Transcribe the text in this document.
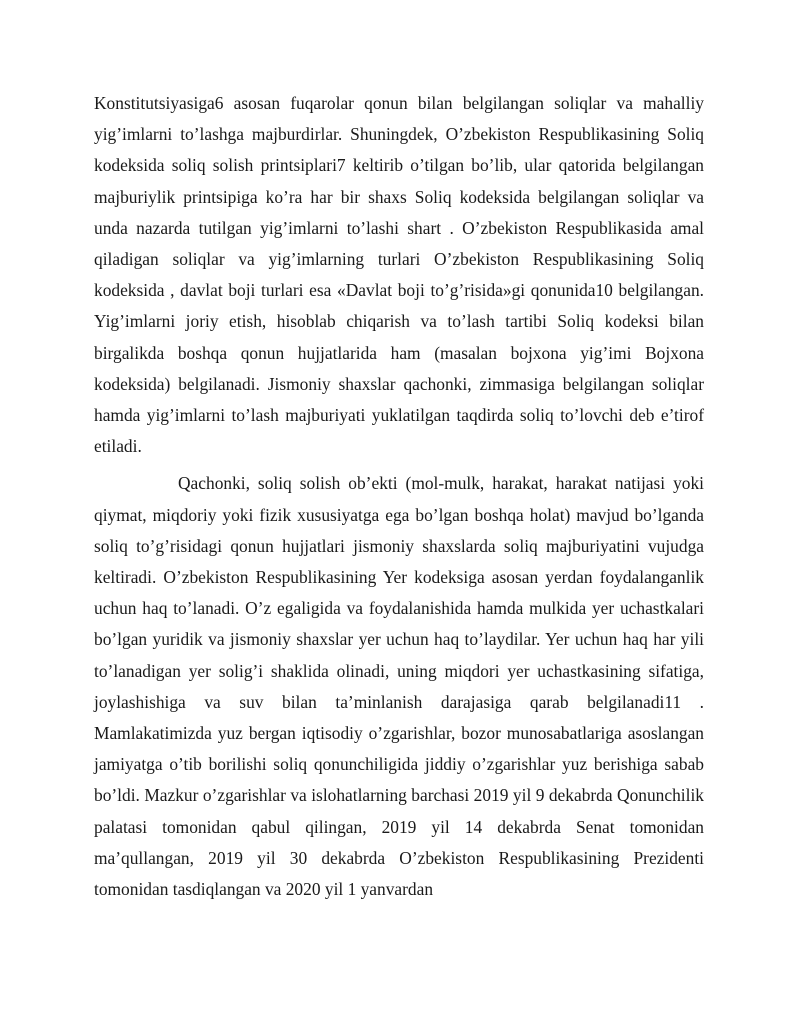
Konstitutsiyasiga6 asosan fuqarolar qonun bilan belgilangan soliqlar va mahalliy yig’imlarni to’lashga majburdirlar. Shuningdek, O’zbekiston Respublikasining Soliq kodeksida soliq solish printsiplari7 keltirib o’tilgan bo’lib, ular qatorida belgilangan majburiylik printsipiga ko’ra har bir shaxs Soliq kodeksida belgilangan soliqlar va unda nazarda tutilgan yig’imlarni to’lashi shart . O’zbekiston Respublikasida amal qiladigan soliqlar va yig’imlarning turlari O’zbekiston Respublikasining Soliq kodeksida , davlat boji turlari esa «Davlat boji to’g’risida»gi qonunida10 belgilangan. Yig’imlarni joriy etish, hisoblab chiqarish va to’lash tartibi Soliq kodeksi bilan birgalikda boshqa qonun hujjatlarida ham (masalan bojxona yig’imi Bojxona kodeksida) belgilanadi. Jismoniy shaxslar qachonki, zimmasiga belgilangan soliqlar hamda yig’imlarni to’lash majburiyati yuklatilgan taqdirda soliq to’lovchi deb e’tirof etiladi.

Qachonki, soliq solish ob’ekti (mol-mulk, harakat, harakat natijasi yoki qiymat, miqdoriy yoki fizik xususiyatga ega bo’lgan boshqa holat) mavjud bo’lganda soliq to’g’risidagi qonun hujjatlari jismoniy shaxslarda soliq majburiyatini vujudga keltiradi. O’zbekiston Respublikasining Yer kodeksiga asosan yerdan foydalanganlik uchun haq to’lanadi. O’z egaligida va foydalanishida hamda mulkida yer uchastkalari bo’lgan yuridik va jismoniy shaxslar yer uchun haq to’laydilar. Yer uchun haq har yili to’lanadigan yer solig’i shaklida olinadi, uning miqdori yer uchastkasining sifatiga, joylashishiga va suv bilan ta’minlanish darajasiga qarab belgilanadi11 . Mamlakatimizda yuz bergan iqtisodiy o’zgarishlar, bozor munosabatlariga asoslangan jamiyatga o’tib borilishi soliq qonunchiligida jiddiy o’zgarishlar yuz berishiga sabab bo’ldi. Mazkur o’zgarishlar va islohatlarning barchasi 2019 yil 9 dekabrda Qonunchilik palatasi tomonidan qabul qilingan, 2019 yil 14 dekabrda Senat tomonidan ma’qullangan, 2019 yil 30 dekabrda O’zbekiston Respublikasining Prezidenti tomonidan tasdiqlangan va 2020 yil 1 yanvardan
